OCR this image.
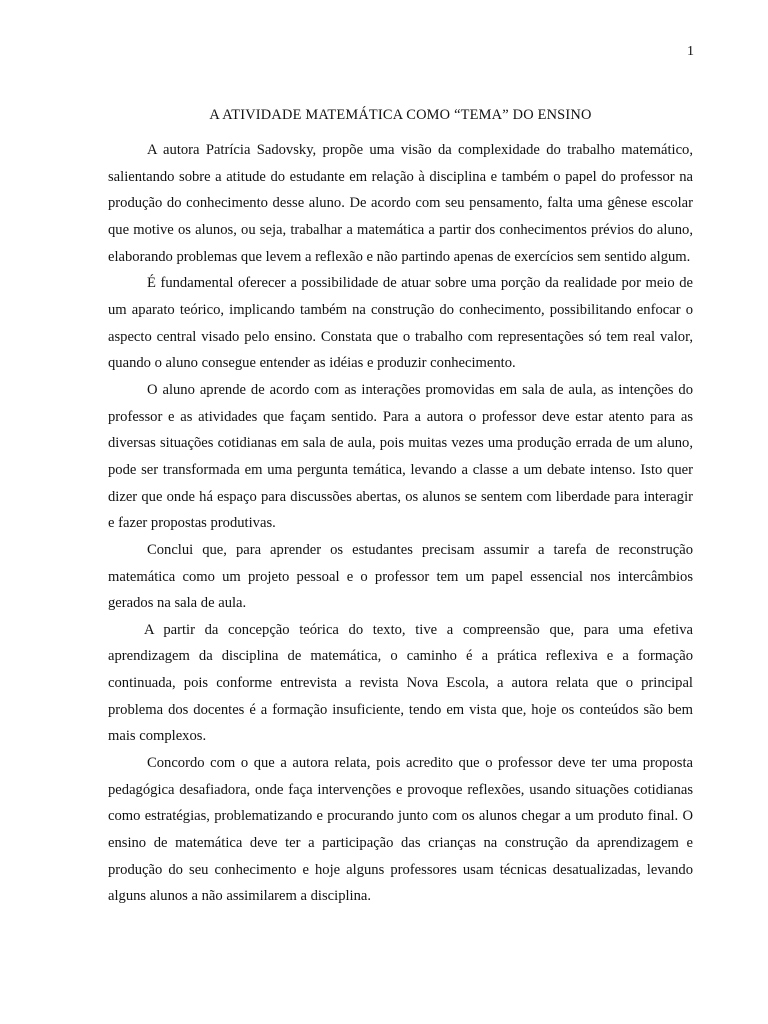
1
A ATIVIDADE MATEMÁTICA COMO “TEMA” DO ENSINO

A autora Patrícia Sadovsky, propõe uma visão da complexidade do trabalho matemático, salientando sobre a atitude do estudante em relação à disciplina e também o papel do professor na produção do conhecimento desse aluno. De acordo com seu pensamento, falta uma gênese escolar que motive os alunos, ou seja, trabalhar a matemática a partir dos conhecimentos prévios do aluno, elaborando problemas que levem a reflexão e não partindo apenas de exercícios sem sentido algum.

É fundamental oferecer a possibilidade de atuar sobre uma porção da realidade por meio de um aparato teórico, implicando também na construção do conhecimento, possibilitando enfocar o aspecto central visado pelo ensino. Constata que o trabalho com representações só tem real valor, quando o aluno consegue entender as idéias e produzir conhecimento.

O aluno aprende de acordo com as interações promovidas em sala de aula, as intenções do professor e as atividades que façam sentido. Para a autora o professor deve estar atento para as diversas situações cotidianas em sala de aula, pois muitas vezes uma produção errada de um aluno, pode ser transformada em uma pergunta temática, levando a classe a um debate intenso. Isto quer dizer que onde há espaço para discussões abertas, os alunos se sentem com liberdade para interagir e fazer propostas produtivas.

Conclui que, para aprender os estudantes precisam assumir a tarefa de reconstrução matemática como um projeto pessoal e o professor tem um papel essencial nos intercâmbios gerados na sala de aula.

A partir da concepção teórica do texto, tive a compreensão que, para uma efetiva aprendizagem da disciplina de matemática, o caminho é a prática reflexiva e a formação continuada, pois conforme entrevista a revista Nova Escola, a autora relata que o principal problema dos docentes é a formação insuficiente, tendo em vista que, hoje os conteúdos são bem mais complexos.

Concordo com o que a autora relata, pois acredito que o professor deve ter uma proposta pedagógica desafiadora, onde faça intervenções e provoque reflexões, usando situações cotidianas como estratégias, problematizando e procurando junto com os alunos chegar a um produto final. O ensino de matemática deve ter a participação das crianças na construção da aprendizagem e produção do seu conhecimento e hoje alguns professores usam técnicas desatualizadas, levando alguns alunos a não assimilarem a disciplina.
